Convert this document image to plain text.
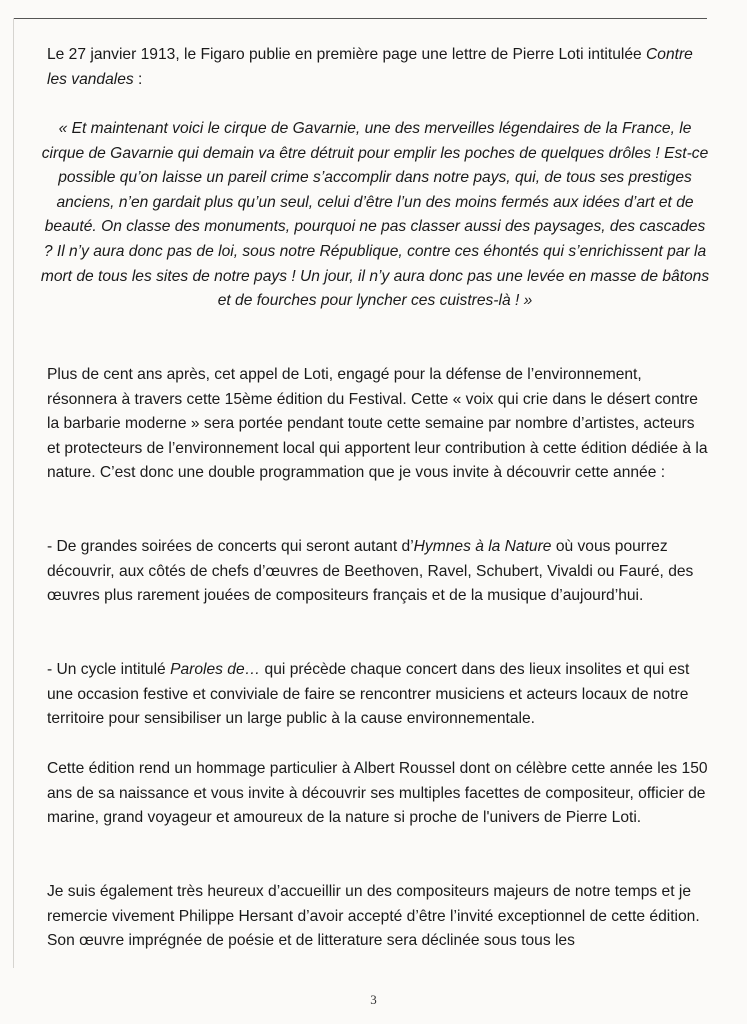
Le 27 janvier 1913, le Figaro publie en première page une lettre de Pierre Loti intitulée Contre les vandales :

« Et maintenant voici le cirque de Gavarnie, une des merveilles légendaires de la France, le cirque de Gavarnie qui demain va être détruit pour emplir les poches de quelques drôles ! Est-ce possible qu’on laisse un pareil crime s’accomplir dans notre pays, qui, de tous ses prestiges anciens, n’en gardait plus qu’un seul, celui d’être l’un des moins fermés aux idées d’art et de beauté. On classe des monuments, pourquoi ne pas classer aussi des paysages, des cascades ? Il n’y aura donc pas de loi, sous notre République, contre ces éhontés qui s’enrichissent par la mort de tous les sites de notre pays ! Un jour, il n’y aura donc pas une levée en masse de bâtons et de fourches pour lyncher ces cuistres-là ! »

Plus de cent ans après, cet appel de Loti, engagé pour la défense de l’environnement, résonnera à travers cette 15ème édition du Festival. Cette « voix qui crie dans le désert contre la barbarie moderne » sera portée pendant toute cette semaine par nombre d’artistes, acteurs et protecteurs de l’environnement local qui apportent leur contribution à cette édition dédiée à la nature. C’est donc une double programmation que je vous invite à découvrir cette année :

- De grandes soirées de concerts qui seront autant d’Hymnes à la Nature où vous pourrez découvrir, aux côtés de chefs d’œuvres de Beethoven, Ravel, Schubert, Vivaldi ou Fauré, des œuvres plus rarement jouées de compositeurs français et de la musique d’aujourd’hui.

- Un cycle intitulé Paroles de… qui précède chaque concert dans des lieux insolites et qui est une occasion festive et conviviale de faire se rencontrer musiciens et acteurs locaux de notre territoire pour sensibiliser un large public à la cause environnementale.

Cette édition rend un hommage particulier à Albert Roussel dont on célèbre cette année les 150 ans de sa naissance et vous invite à découvrir ses multiples facettes de compositeur, officier de marine, grand voyageur et amoureux de la nature si proche de l'univers de Pierre Loti.

Je suis également très heureux d’accueillir un des compositeurs majeurs de notre temps et je remercie vivement Philippe Hersant d’avoir accepté d’être l’invité exceptionnel de cette édition. Son œuvre imprégnée de poésie et de litterature sera déclinée sous tous les

3
